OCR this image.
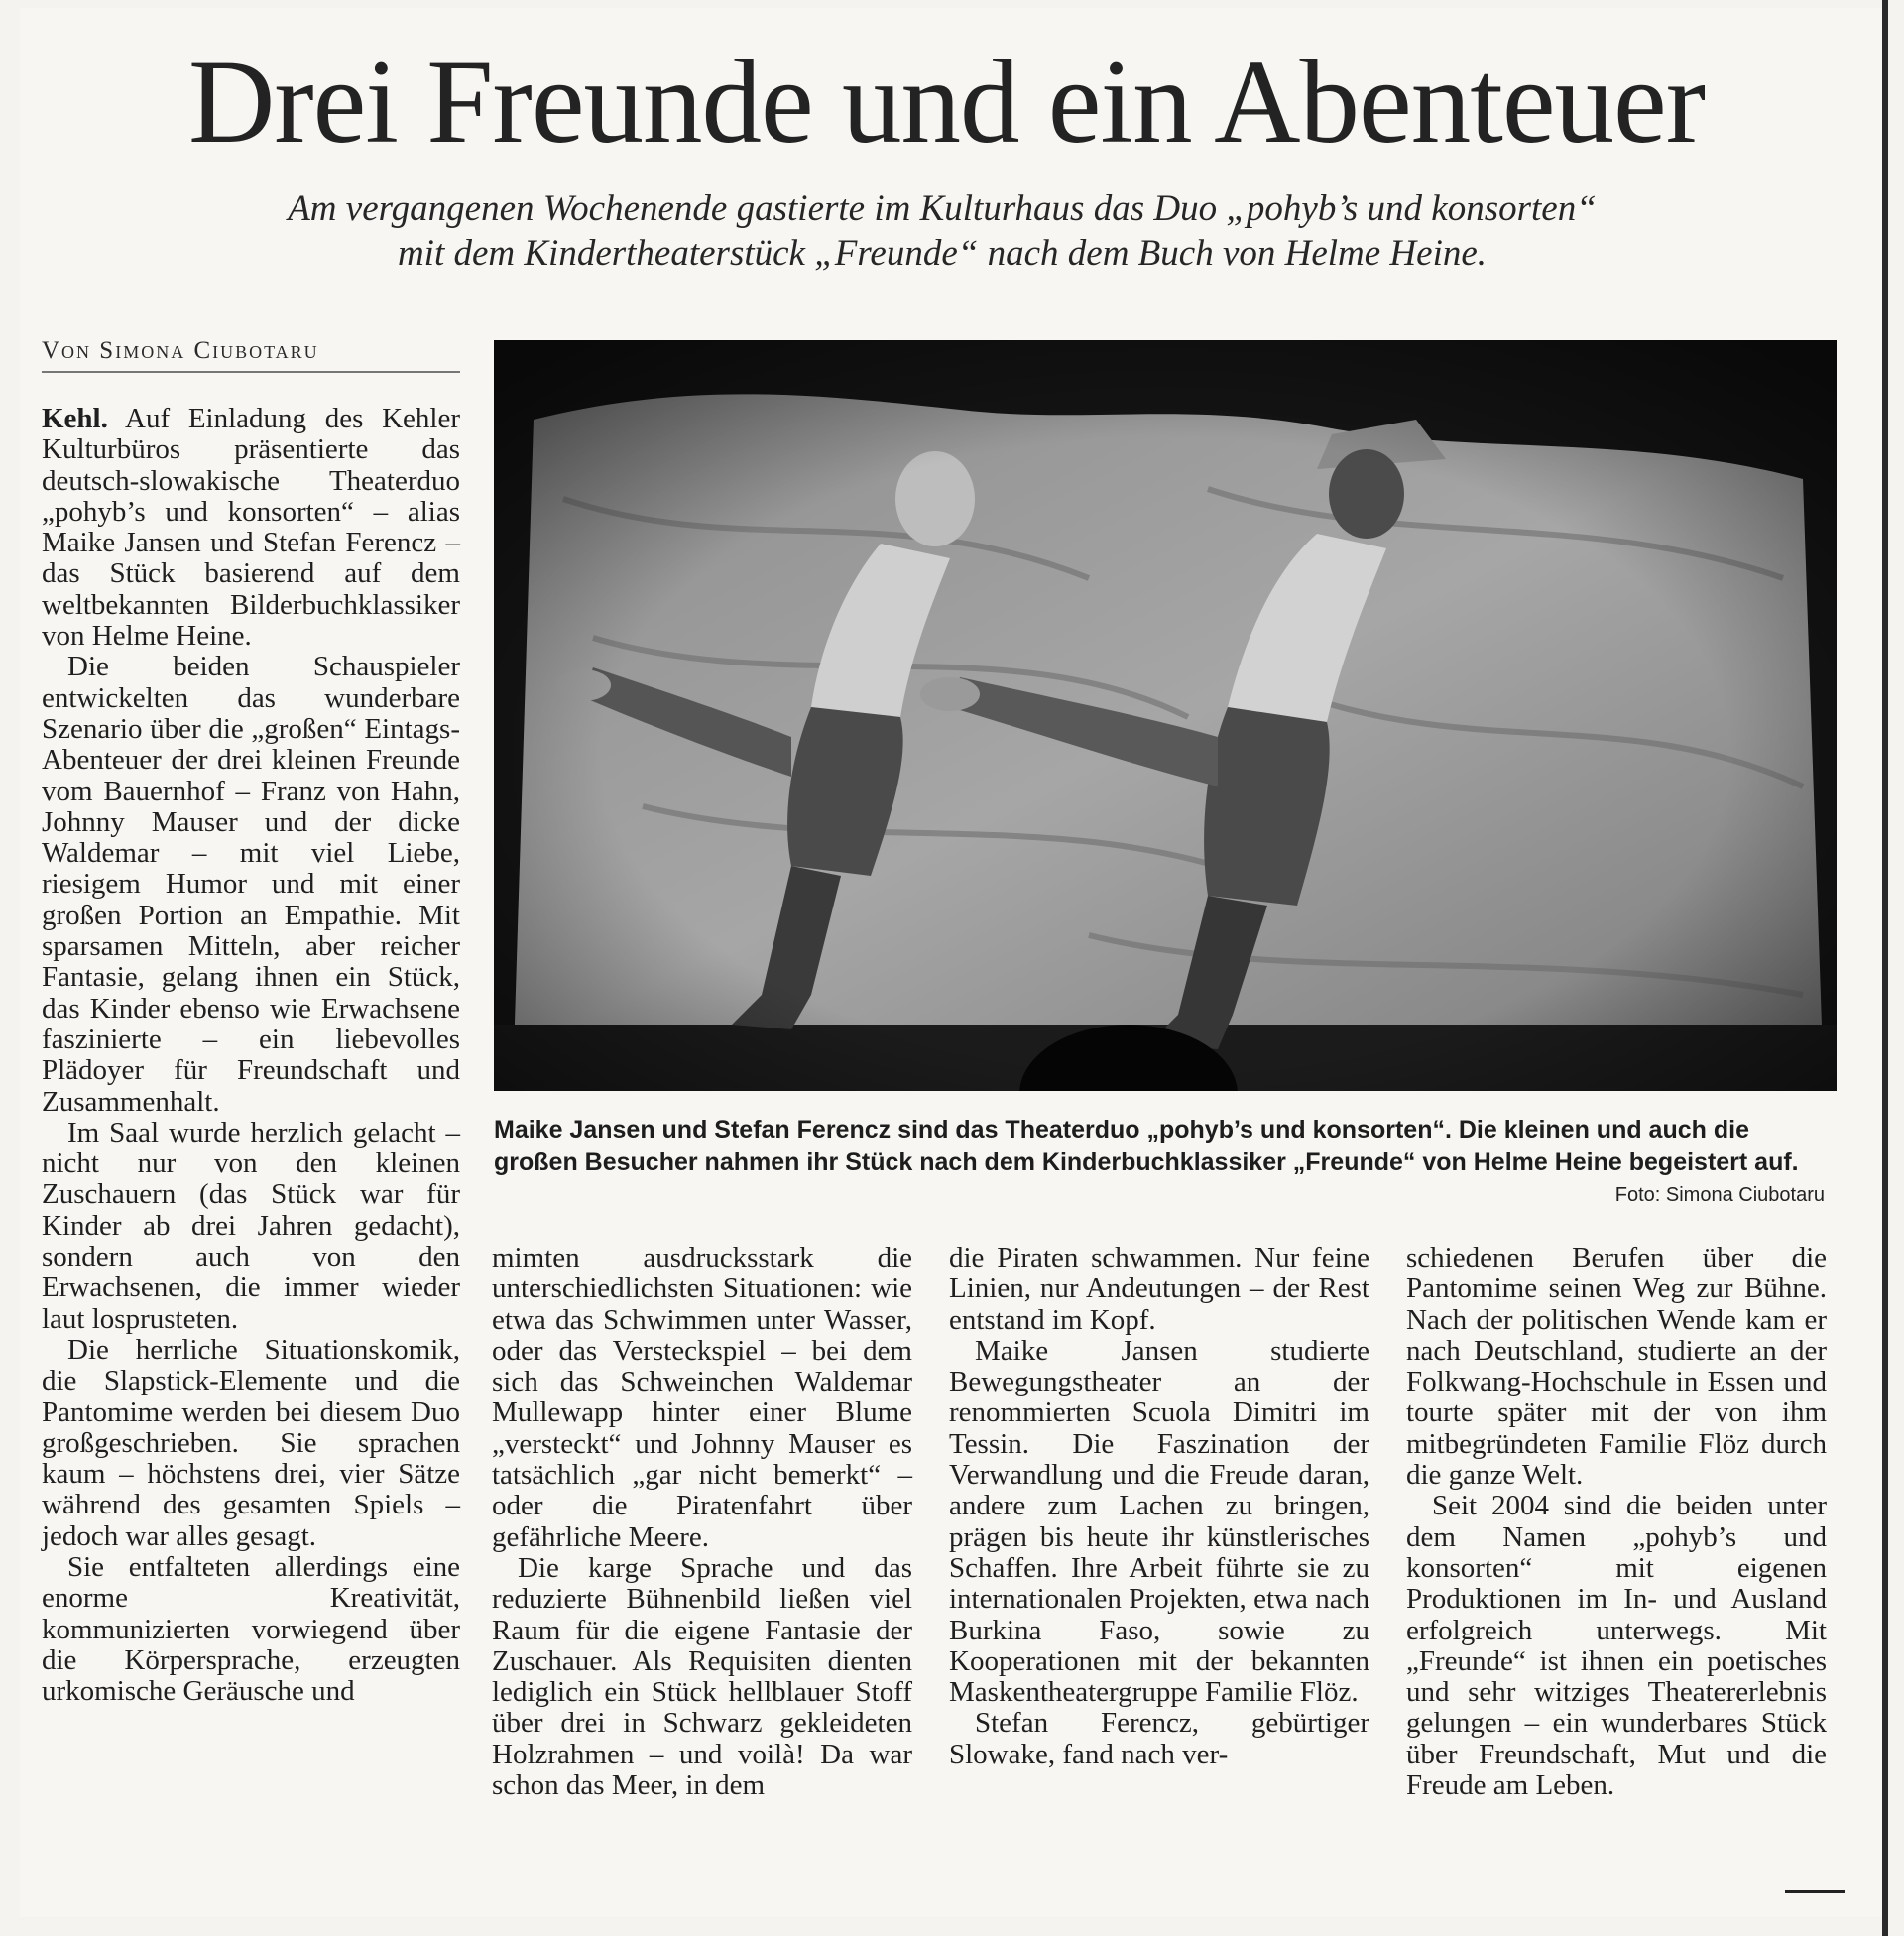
Drei Freunde und ein Abenteuer
Am vergangenen Wochenende gastierte im Kulturhaus das Duo „pohyb’s und konsorten“
mit dem Kindertheaterstück „Freunde“ nach dem Buch von Helme Heine.
Von Simona Ciubotaru

Kehl. Auf Einladung des Kehler Kulturbüros präsentierte das deutsch-slowakische Theaterduo „pohyb’s und konsorten“ – alias Maike Jansen und Stefan Ferencz – das Stück basierend auf dem weltbekannten Bilderbuchklassiker von Helme Heine.

Die beiden Schauspieler entwickelten das wunderbare Szenario über die „großen“ Eintags-Abenteuer der drei kleinen Freunde vom Bauernhof – Franz von Hahn, Johnny Mauser und der dicke Waldemar – mit viel Liebe, riesigem Humor und mit einer großen Portion an Empathie. Mit sparsamen Mitteln, aber reicher Fantasie, gelang ihnen ein Stück, das Kinder ebenso wie Erwachsene faszinierte – ein liebevolles Plädoyer für Freundschaft und Zusammenhalt.

Im Saal wurde herzlich gelacht – nicht nur von den kleinen Zuschauern (das Stück war für Kinder ab drei Jahren gedacht), sondern auch von den Erwachsenen, die immer wieder laut losprusteten.

Die herrliche Situationskomik, die Slapstick-Elemente und die Pantomime werden bei diesem Duo großgeschrieben. Sie sprachen kaum – höchstens drei, vier Sätze während des gesamten Spiels – jedoch war alles gesagt.

Sie entfalteten allerdings eine enorme Kreativität, kommunizierten vorwiegend über die Körpersprache, erzeugten urkomische Geräusche und

Maike Jansen und Stefan Ferencz sind das Theaterduo „pohyb’s und konsorten“. Die kleinen und auch die großen Besucher nahmen ihr Stück nach dem Kinderbuchklassiker „Freunde“ von Helme Heine begeistert auf.
Foto: Simona Ciubotaru

mimten ausdrucksstark die unterschiedlichsten Situationen: wie etwa das Schwimmen unter Wasser, oder das Versteckspiel – bei dem sich das Schweinchen Waldemar Mullewapp hinter einer Blume „versteckt“ und Johnny Mauser es tatsächlich „gar nicht bemerkt“ – oder die Piratenfahrt über gefährliche Meere.

Die karge Sprache und das reduzierte Bühnenbild ließen viel Raum für die eigene Fantasie der Zuschauer. Als Requisiten dienten lediglich ein Stück hellblauer Stoff über drei in Schwarz gekleideten Holzrahmen – und voilà! Da war schon das Meer, in dem

die Piraten schwammen. Nur feine Linien, nur Andeutungen – der Rest entstand im Kopf.

Maike Jansen studierte Bewegungstheater an der renommierten Scuola Dimitri im Tessin. Die Faszination der Verwandlung und die Freude daran, andere zum Lachen zu bringen, prägen bis heute ihr künstlerisches Schaffen. Ihre Arbeit führte sie zu internationalen Projekten, etwa nach Burkina Faso, sowie zu Kooperationen mit der bekannten Maskentheatergruppe Familie Flöz.

Stefan Ferencz, gebürtiger Slowake, fand nach ver-

schiedenen Berufen über die Pantomime seinen Weg zur Bühne. Nach der politischen Wende kam er nach Deutschland, studierte an der Folkwang-Hochschule in Essen und tourte später mit der von ihm mitbegründeten Familie Flöz durch die ganze Welt.

Seit 2004 sind die beiden unter dem Namen „pohyb’s und konsorten“ mit eigenen Produktionen im In- und Ausland erfolgreich unterwegs. Mit „Freunde“ ist ihnen ein poetisches und sehr witziges Theatererlebnis gelungen – ein wunderbares Stück über Freundschaft, Mut und die Freude am Leben.
